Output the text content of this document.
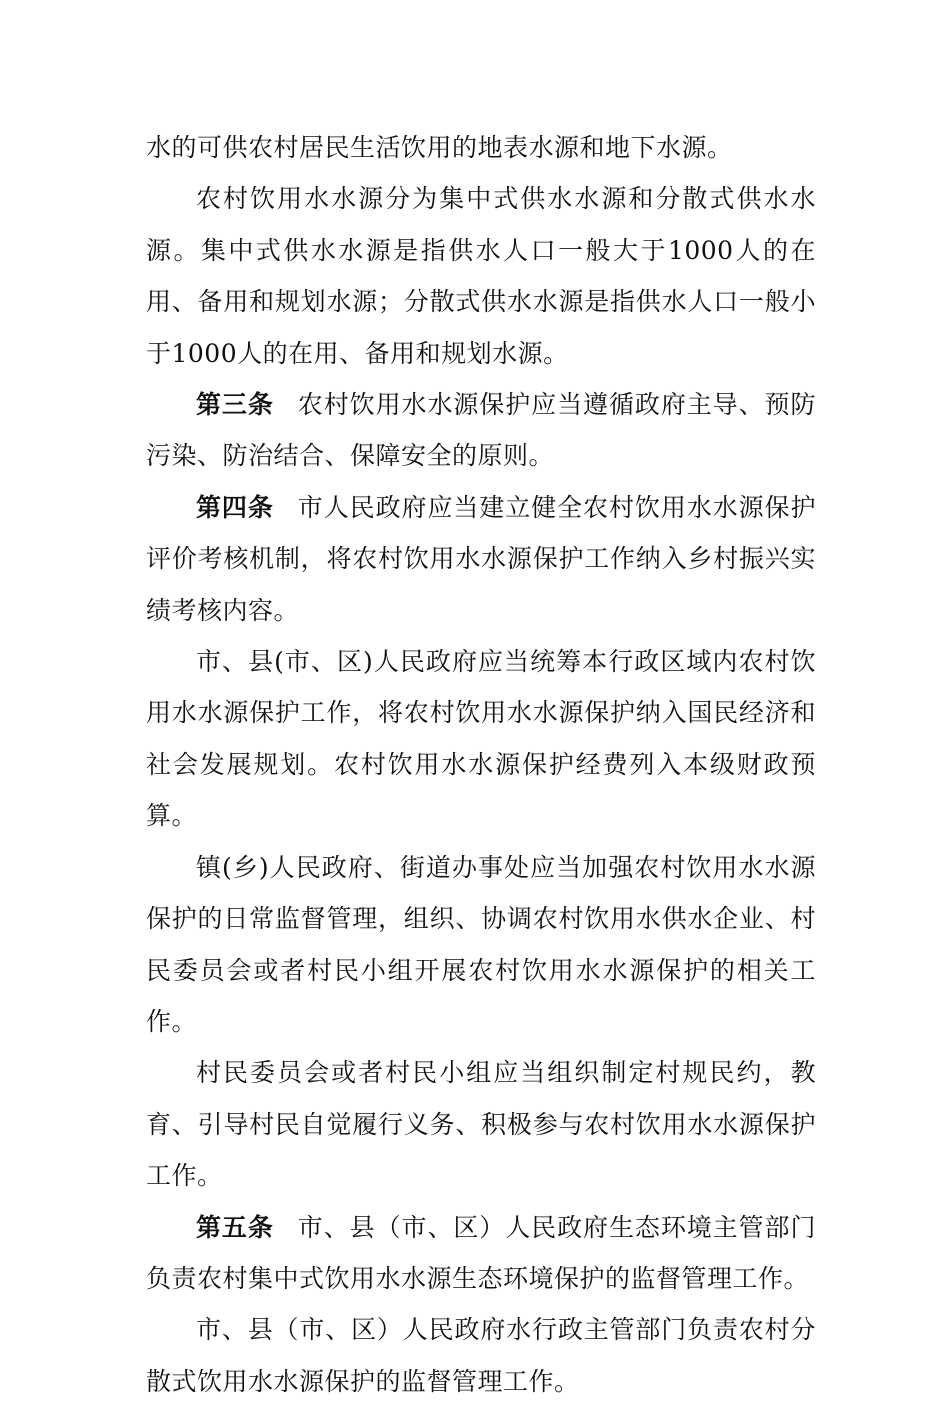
水的可供农村居民生活饮用的地表水源和地下水源。

农村饮用水水源分为集中式供水水源和分散式供水水源。集中式供水水源是指供水人口一般大于1000人的在用、备用和规划水源；分散式供水水源是指供水人口一般小于1000人的在用、备用和规划水源。

第三条 农村饮用水水源保护应当遵循政府主导、预防污染、防治结合、保障安全的原则。

第四条 市人民政府应当建立健全农村饮用水水源保护评价考核机制，将农村饮用水水源保护工作纳入乡村振兴实绩考核内容。

市、县(市、区)人民政府应当统筹本行政区域内农村饮用水水源保护工作，将农村饮用水水源保护纳入国民经济和社会发展规划。农村饮用水水源保护经费列入本级财政预算。

镇(乡)人民政府、街道办事处应当加强农村饮用水水源保护的日常监督管理，组织、协调农村饮用水供水企业、村民委员会或者村民小组开展农村饮用水水源保护的相关工作。

村民委员会或者村民小组应当组织制定村规民约，教育、引导村民自觉履行义务、积极参与农村饮用水水源保护工作。

第五条 市、县（市、区）人民政府生态环境主管部门负责农村集中式饮用水水源生态环境保护的监督管理工作。

市、县（市、区）人民政府水行政主管部门负责农村分散式饮用水水源保护的监督管理工作。
